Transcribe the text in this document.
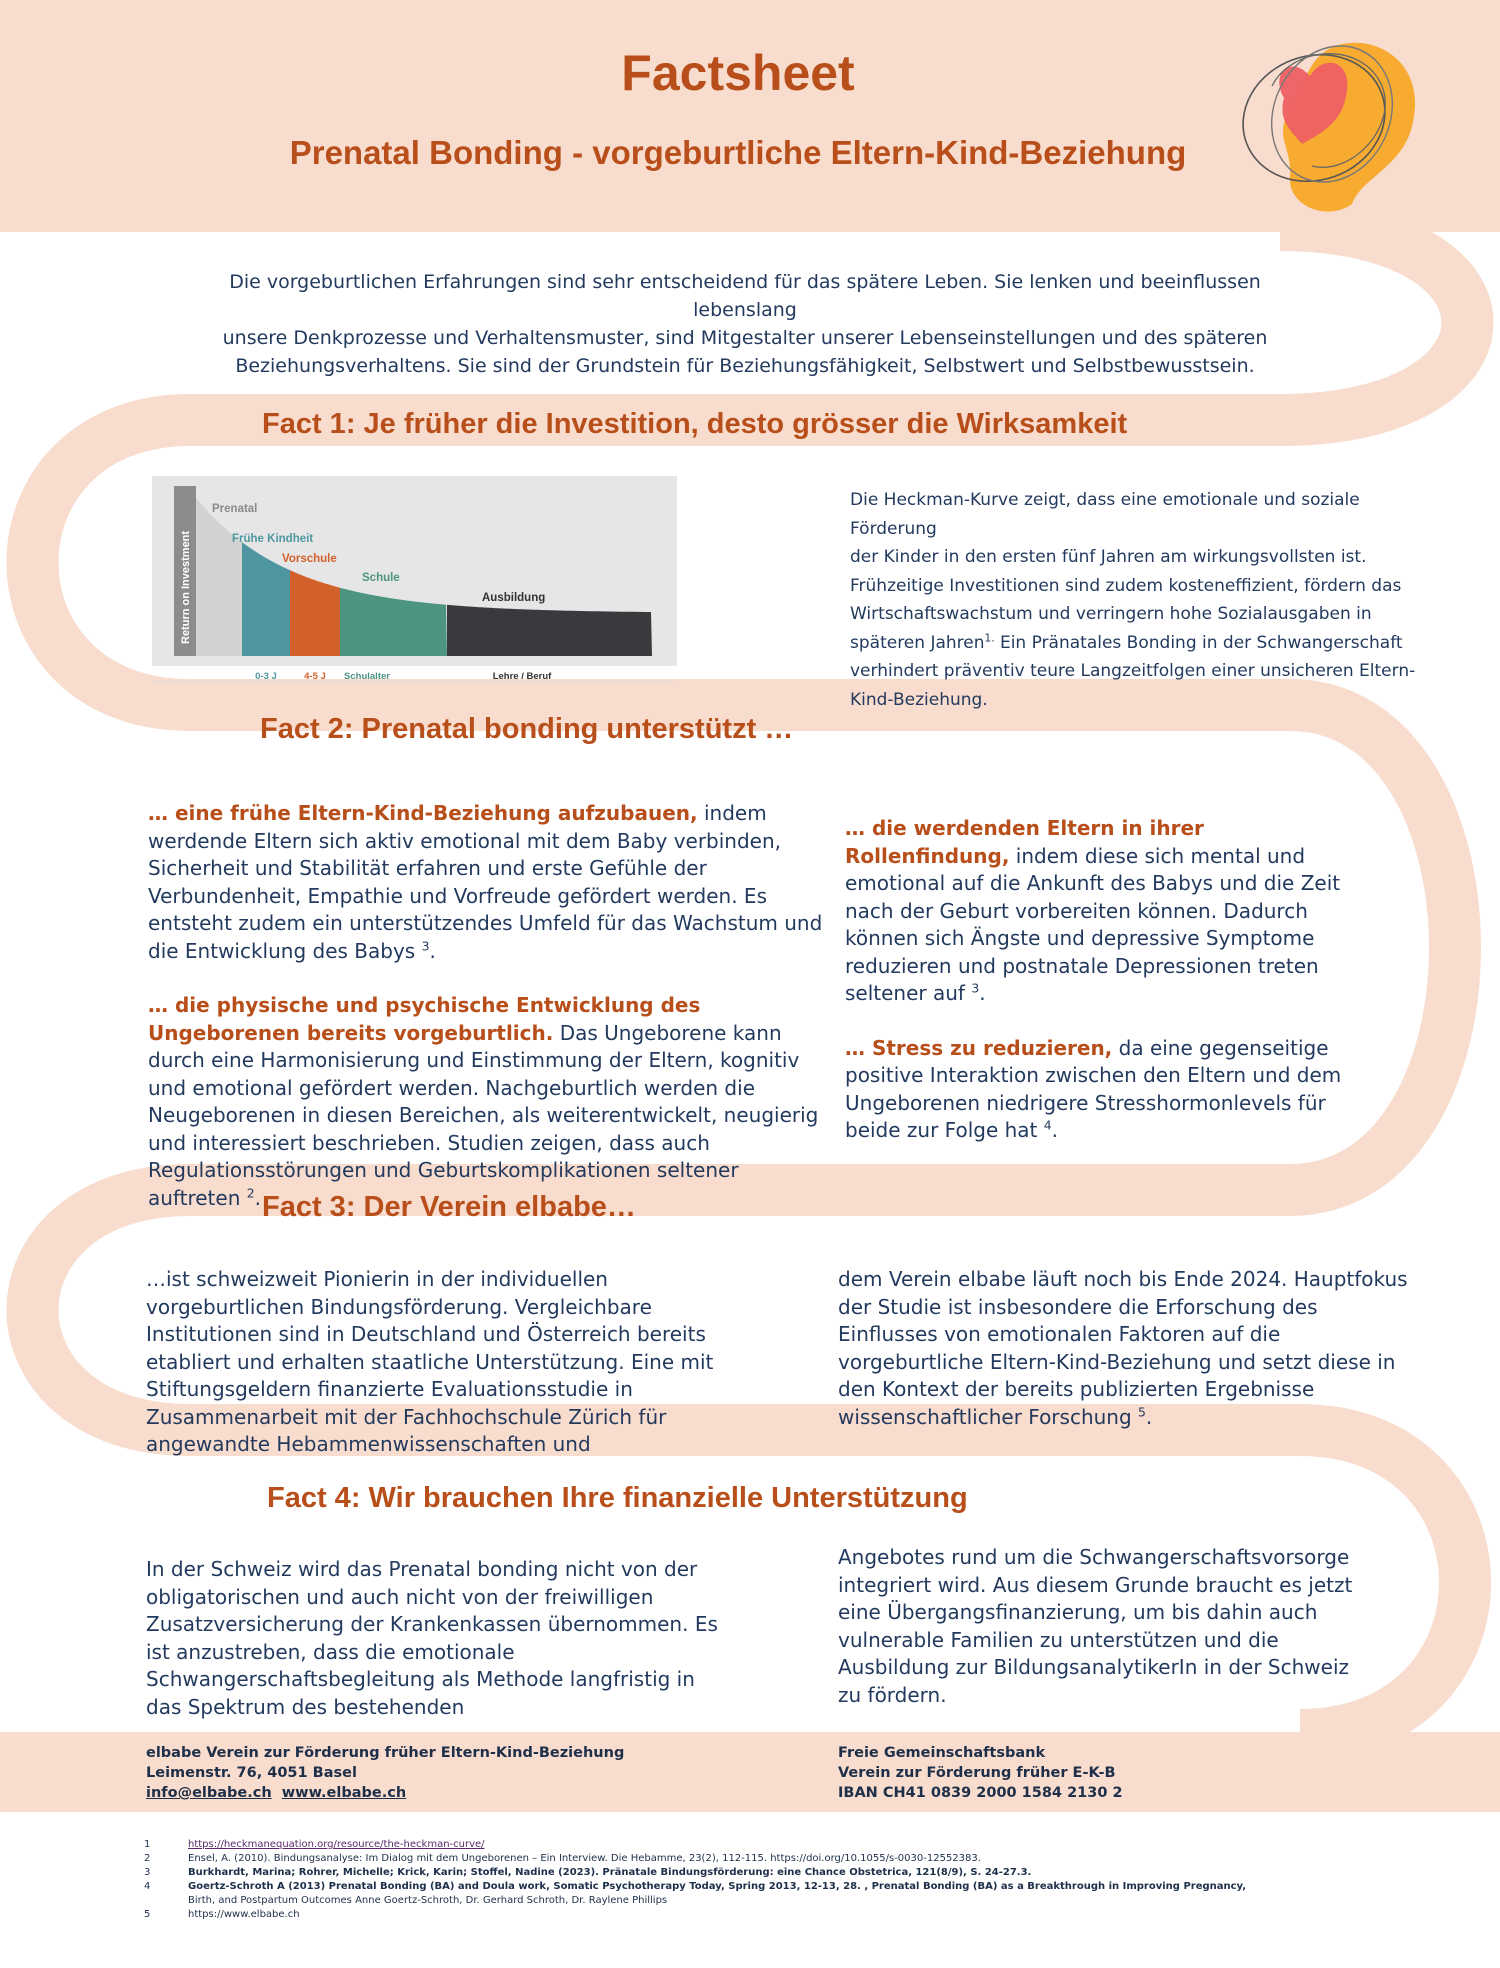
Factsheet
Prenatal Bonding - vorgeburtliche Eltern-Kind-Beziehung
Die vorgeburtlichen Erfahrungen sind sehr entscheidend für das spätere Leben. Sie lenken und beeinflussen lebenslang
unsere Denkprozesse und Verhaltensmuster, sind Mitgestalter unserer Lebenseinstellungen und des späteren
Beziehungsverhaltens. Sie sind der Grundstein für Beziehungsfähigkeit, Selbstwert und Selbstbewusstsein.
Fact 1: Je früher die Investition, desto grösser die Wirksamkeit
Return on Investment
Prenatal
Frühe Kindheit
Vorschule
Schule
Ausbildung
0-3 J	4-5 J Schulalter	Lehre / Beruf
Die Heckman-Kurve zeigt, dass eine emotionale und soziale Förderung
der Kinder in den ersten fünf Jahren am wirkungsvollsten ist.
Frühzeitige Investitionen sind zudem kosteneffizient, fördern das
Wirtschaftswachstum und verringern hohe Sozialausgaben in
späteren Jahren$^{1.}$ Ein Pränatales Bonding in der Schwangerschaft
verhindert präventiv teure Langzeitfolgen einer unsicheren Eltern-
Kind-Beziehung.
Fact 2: Prenatal bonding unterstützt …

… eine frühe Eltern-Kind-Beziehung aufzubauen, indem werdende Eltern sich aktiv emotional mit dem Baby verbinden, Sicherheit und Stabilität erfahren und erste Gefühle der Verbundenheit, Empathie und Vorfreude gefördert werden. Es entsteht zudem ein unterstützendes Umfeld für das Wachstum und die Entwicklung des Babys $^3$.

… die physische und psychische Entwicklung des Ungeborenen bereits vorgeburtlich. Das Ungeborene kann durch eine Harmonisierung und Einstimmung der Eltern, kognitiv und emotional gefördert werden. Nachgeburtlich werden die Neugeborenen in diesen Bereichen, als weiterentwickelt, neugierig und interessiert beschrieben. Studien zeigen, dass auch Regulationsstörungen und Geburtskomplikationen seltener auftreten $^2$.

… die werdenden Eltern in ihrer Rollenfindung, indem diese sich mental und emotional auf die Ankunft des Babys und die Zeit nach der Geburt vorbereiten können. Dadurch können sich Ängste und depressive Symptome reduzieren und postnatale Depressionen treten seltener auf $^3$.

… Stress zu reduzieren, da eine gegenseitige positive Interaktion zwischen den Eltern und dem Ungeborenen niedrigere Stresshormonlevels für beide zur Folge hat $^4$.

Fact 3: Der Verein elbabe…

…ist schweizweit Pionierin in der individuellen vorgeburtlichen Bindungsförderung. Vergleichbare Institutionen sind in Deutschland und Österreich bereits etabliert und erhalten staatliche Unterstützung. Eine mit Stiftungsgeldern finanzierte Evaluationsstudie in Zusammenarbeit mit der Fachhochschule Zürich für angewandte Hebammenwissenschaften und

dem Verein elbabe läuft noch bis Ende 2024. Hauptfokus der Studie ist insbesondere die Erforschung des Einflusses von emotionalen Faktoren auf die vorgeburtliche Eltern-Kind-Beziehung und setzt diese in den Kontext der bereits publizierten Ergebnisse wissenschaftlicher Forschung $^5$.

Fact 4: Wir brauchen Ihre finanzielle Unterstützung

In der Schweiz wird das Prenatal bonding nicht von der obligatorischen und auch nicht von der freiwilligen Zusatzversicherung der Krankenkassen übernommen. Es ist anzustreben, dass die emotionale Schwangerschaftsbegleitung als Methode langfristig in das Spektrum des bestehenden

Angebotes rund um die Schwangerschaftsvorsorge integriert wird. Aus diesem Grunde braucht es jetzt eine Übergangsfinanzierung, um bis dahin auch vulnerable Familien zu unterstützen und die Ausbildung zur BildungsanalytikerIn in der Schweiz zu fördern.

elbabe Verein zur Förderung früher Eltern-Kind-Beziehung
Leimenstr. 76, 4051 Basel
info@elbabe.ch www.elbabe.ch
Freie Gemeinschaftsbank
Verein zur Förderung früher E-K-B
IBAN CH41 0839 2000 1584 2130 2
1	https://heckmanequation.org/resource/the-heckman-curve/
2	Ensel, A. (2010). Bindungsanalyse: Im Dialog mit dem Ungeborenen – Ein Interview. Die Hebamme, 23(2), 112-115. https://doi.org/10.1055/s-0030-12552383.
3	Burkhardt, Marina; Rohrer, Michelle; Krick, Karin; Stoffel, Nadine (2023). Pränatale Bindungsförderung: eine Chance Obstetrica, 121(8/9), S. 24-27.3.
4	Goertz-Schroth A (2013) Prenatal Bonding (BA) and Doula work, Somatic Psychotherapy Today, Spring 2013, 12-13, 28. , Prenatal Bonding (BA) as a Breakthrough in Improving Pregnancy,
Birth, and Postpartum Outcomes Anne Goertz-Schroth, Dr. Gerhard Schroth, Dr. Raylene Phillips
5	https://www.elbabe.ch
